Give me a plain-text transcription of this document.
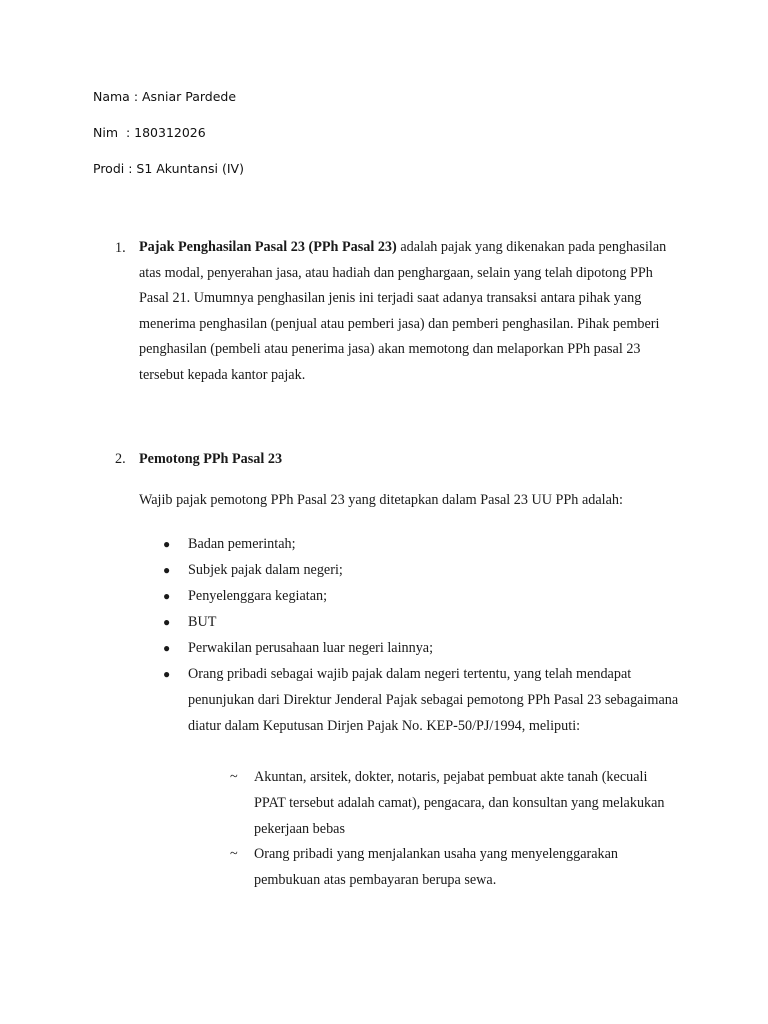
Nama : Asniar Pardede
Nim  : 180312026
Prodi : S1 Akuntansi (IV)
1. Pajak Penghasilan Pasal 23 (PPh Pasal 23) adalah pajak yang dikenakan pada penghasilan atas modal, penyerahan jasa, atau hadiah dan penghargaan, selain yang telah dipotong PPh Pasal 21. Umumnya penghasilan jenis ini terjadi saat adanya transaksi antara pihak yang menerima penghasilan (penjual atau pemberi jasa) dan pemberi penghasilan. Pihak pemberi penghasilan (pembeli atau penerima jasa) akan memotong dan melaporkan PPh pasal 23 tersebut kepada kantor pajak.
2. Pemotong PPh Pasal 23
Wajib pajak pemotong PPh Pasal 23 yang ditetapkan dalam Pasal 23 UU PPh adalah:
● Badan pemerintah;
● Subjek pajak dalam negeri;
● Penyelenggara kegiatan;
● BUT
● Perwakilan perusahaan luar negeri lainnya;
● Orang pribadi sebagai wajib pajak dalam negeri tertentu, yang telah mendapat penunjukan dari Direktur Jenderal Pajak sebagai pemotong PPh Pasal 23 sebagaimana diatur dalam Keputusan Dirjen Pajak No. KEP-50/PJ/1994, meliputi:
~ Akuntan, arsitek, dokter, notaris, pejabat pembuat akte tanah (kecuali PPAT tersebut adalah camat), pengacara, dan konsultan yang melakukan pekerjaan bebas
~ Orang pribadi yang menjalankan usaha yang menyelenggarakan pembukuan atas pembayaran berupa sewa.
